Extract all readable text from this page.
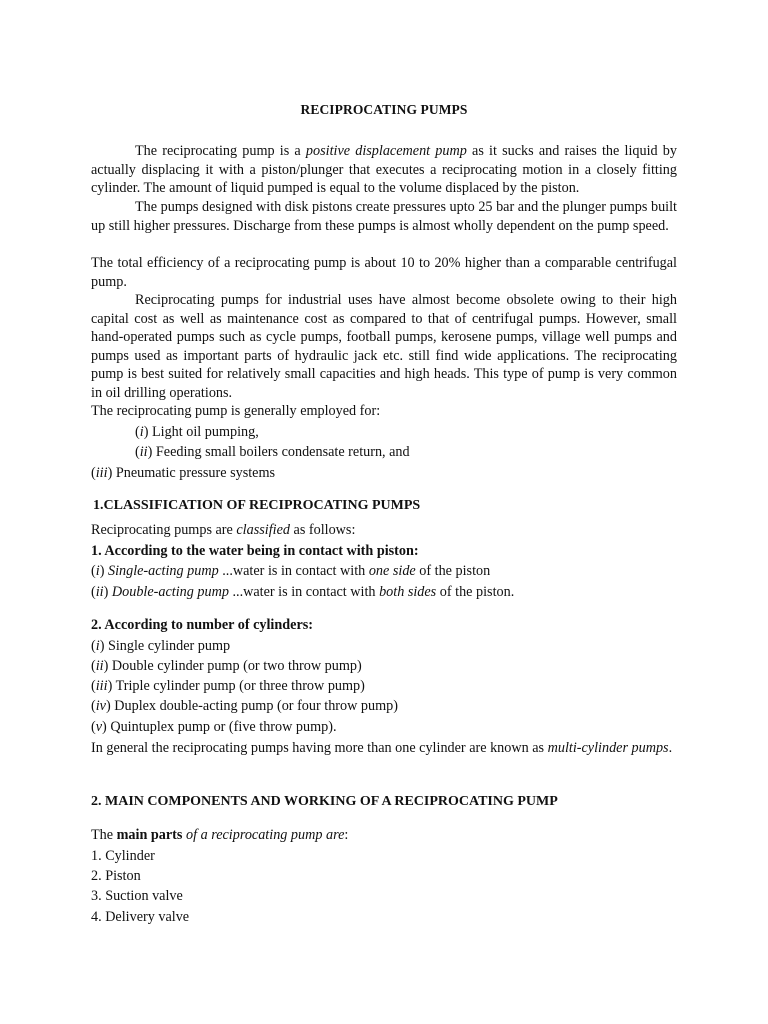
RECIPROCATING PUMPS
The reciprocating pump is a positive displacement pump as it sucks and raises the liquid by actually displacing it with a piston/plunger that executes a reciprocating motion in a closely fitting cylinder. The amount of liquid pumped is equal to the volume displaced by the piston.
The pumps designed with disk pistons create pressures upto 25 bar and the plunger pumps built up still higher pressures. Discharge from these pumps is almost wholly dependent on the pump speed.
The total efficiency of a reciprocating pump is about 10 to 20% higher than a comparable centrifugal pump.
Reciprocating pumps for industrial uses have almost become obsolete owing to their high capital cost as well as maintenance cost as compared to that of centrifugal pumps. However, small hand-operated pumps such as cycle pumps, football pumps, kerosene pumps, village well pumps and pumps used as important parts of hydraulic jack etc. still find wide applications. The reciprocating pump is best suited for relatively small capacities and high heads. This type of pump is very common in oil drilling operations.
The reciprocating pump is generally employed for:
(i) Light oil pumping,
(ii) Feeding small boilers condensate return, and
(iii) Pneumatic pressure systems
1.CLASSIFICATION OF RECIPROCATING PUMPS
Reciprocating pumps are classified as follows:
1. According to the water being in contact with piston:
(i) Single-acting pump ...water is in contact with one side of the piston
(ii) Double-acting pump ...water is in contact with both sides of the piston.
2. According to number of cylinders:
(i) Single cylinder pump
(ii) Double cylinder pump (or two throw pump)
(iii) Triple cylinder pump (or three throw pump)
(iv) Duplex double-acting pump (or four throw pump)
(v) Quintuplex pump or (five throw pump).
In general the reciprocating pumps having more than one cylinder are known as multi-cylinder pumps.
2. MAIN COMPONENTS AND WORKING OF A RECIPROCATING PUMP
The main parts of a reciprocating pump are:
1. Cylinder
2. Piston
3. Suction valve
4. Delivery valve
